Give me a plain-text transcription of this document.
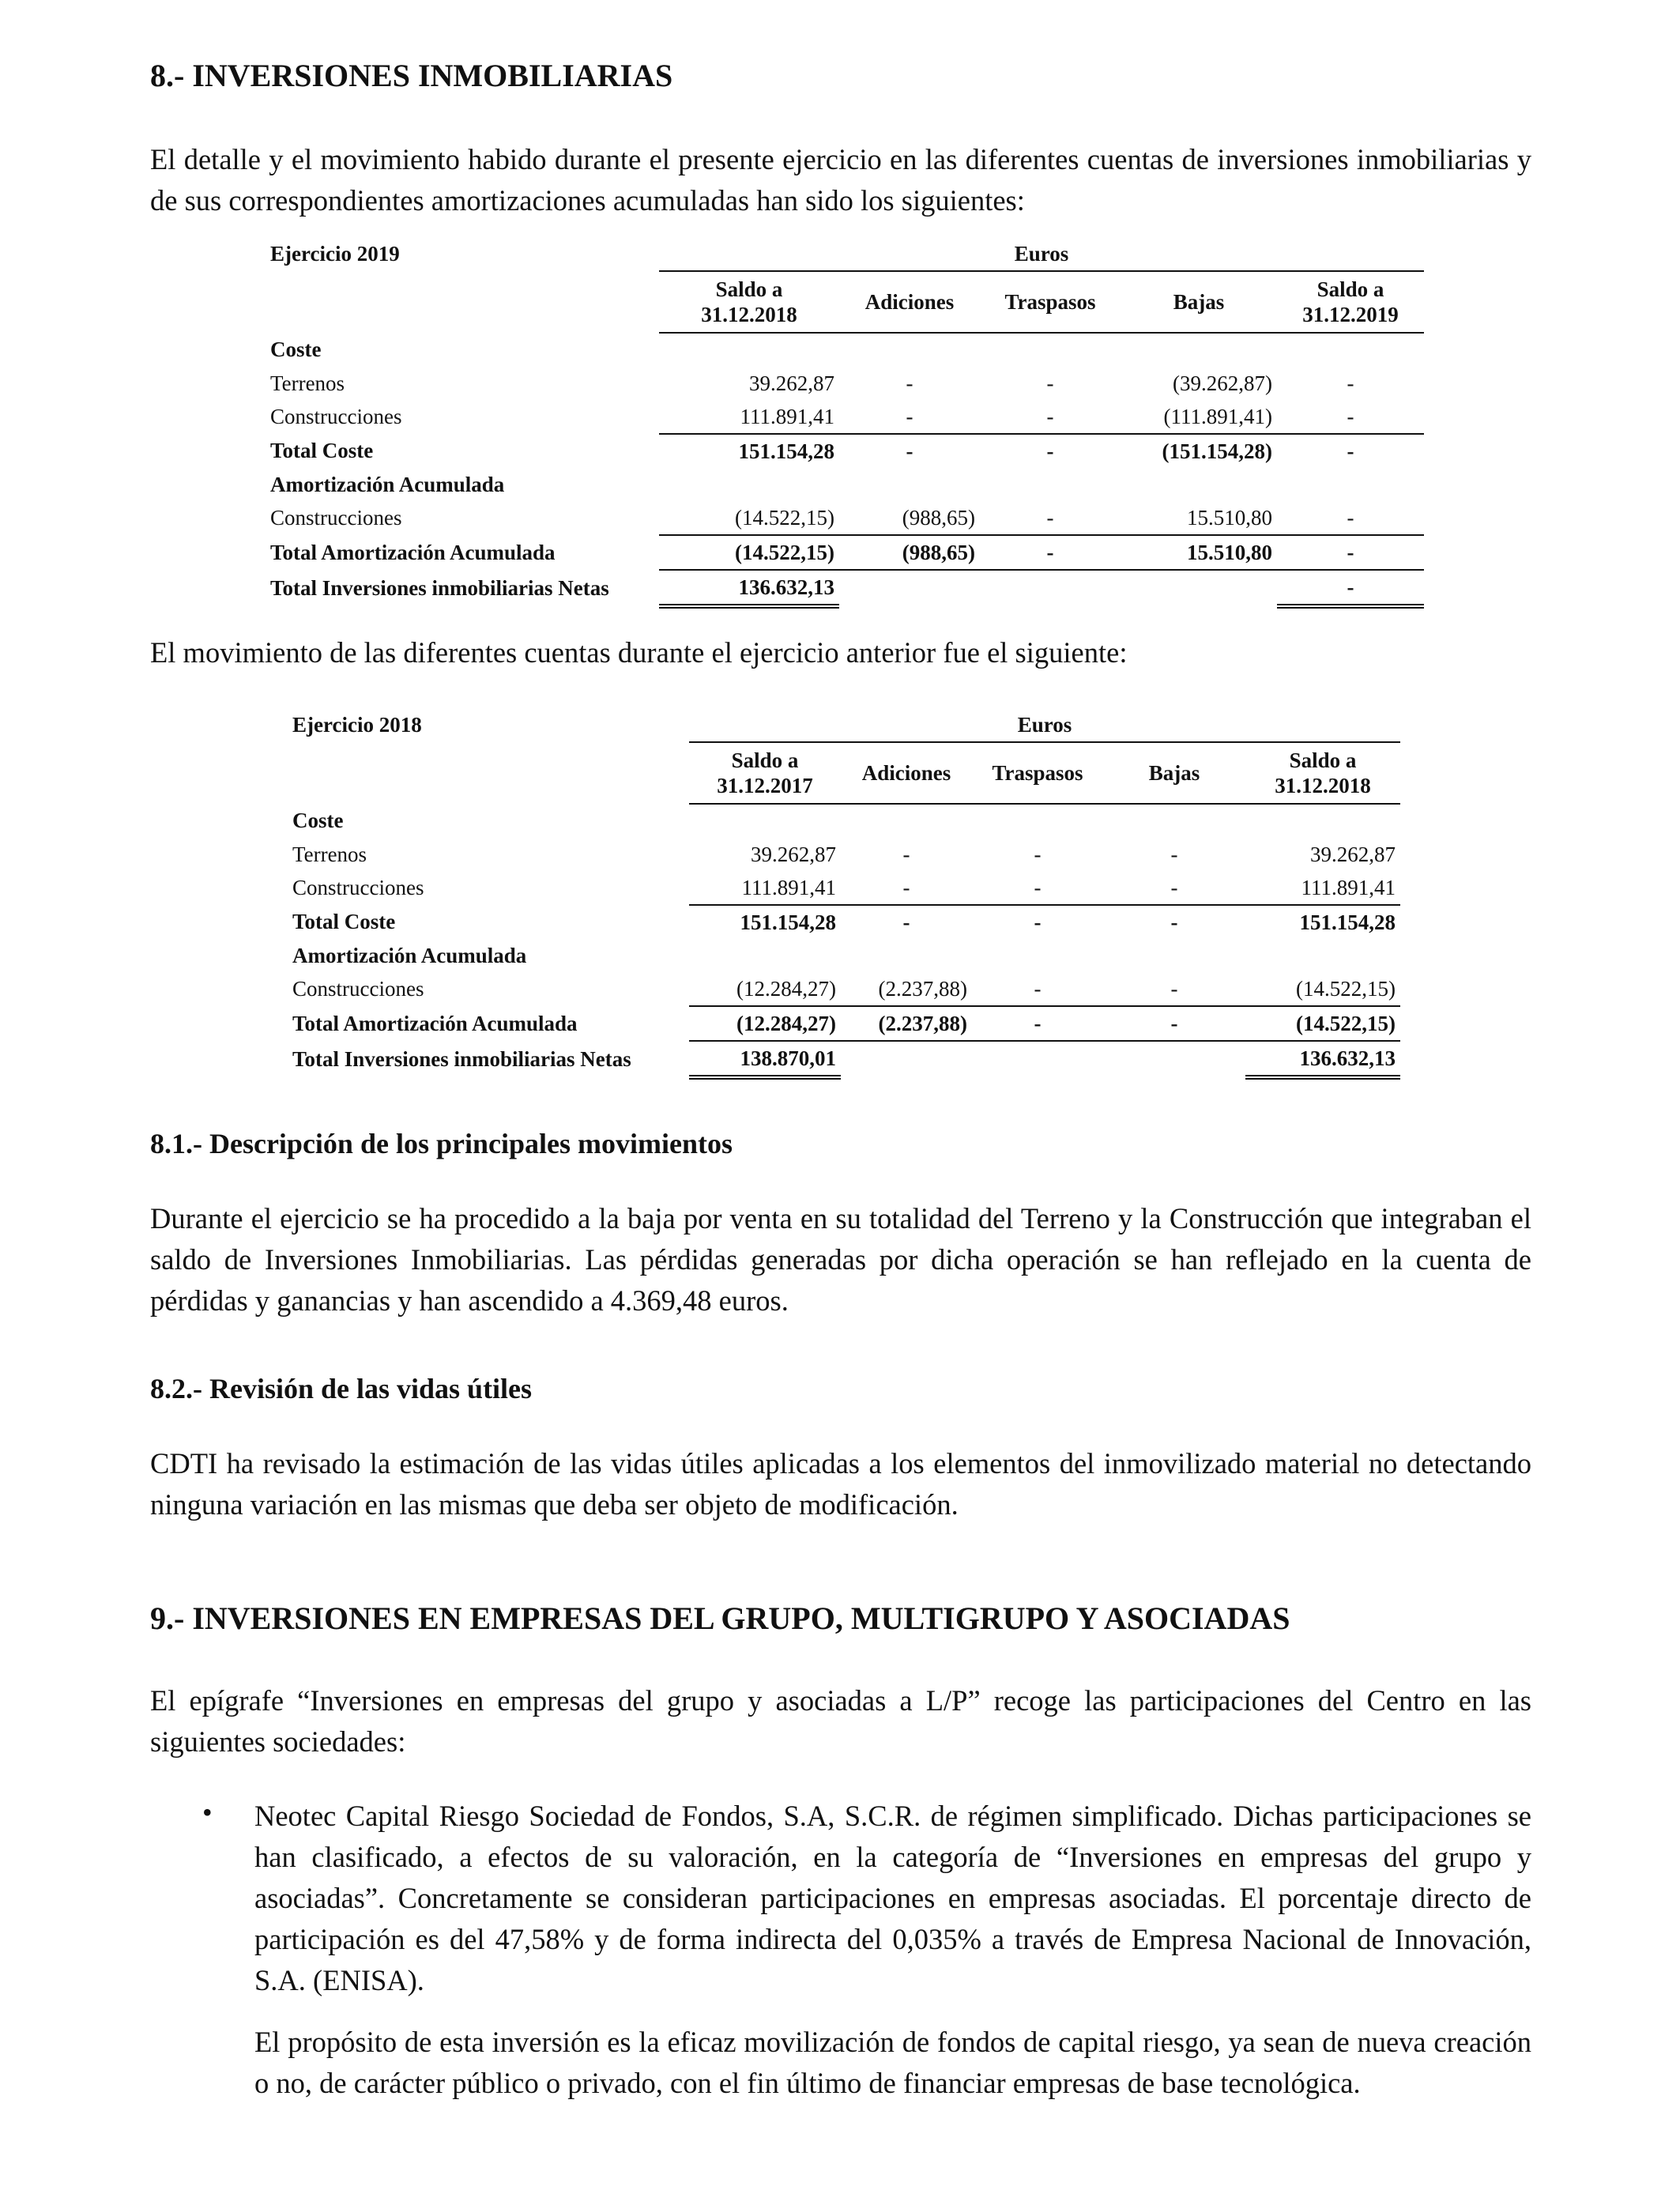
8.- INVERSIONES INMOBILIARIAS
El detalle y el movimiento habido durante el presente ejercicio en las diferentes cuentas de inversiones inmobiliarias y de sus correspondientes amortizaciones acumuladas han sido los siguientes:
Ejercicio 2019	Euros				
	Saldo a
31.12.2018	Adiciones	Traspasos	Bajas	Saldo a
31.12.2019
Coste					
Terrenos	39.262,87	-	-	(39.262,87)	-
Construcciones	111.891,41	-	-	(111.891,41)	-
Total Coste	151.154,28	-	-	(151.154,28)	-
Amortización Acumulada					
Construcciones	(14.522,15)	(988,65)	-	15.510,80	-
Total Amortización Acumulada	(14.522,15)	(988,65)	-	15.510,80	-
Total Inversiones inmobiliarias Netas	136.632,13				-
El movimiento de las diferentes cuentas durante el ejercicio anterior fue el siguiente:
Ejercicio 2018	Euros				
	Saldo a
31.12.2017	Adiciones	Traspasos	Bajas	Saldo a
31.12.2018
Coste					
Terrenos	39.262,87	-	-	-	39.262,87
Construcciones	111.891,41	-	-	-	111.891,41
Total Coste	151.154,28	-	-	-	151.154,28
Amortización Acumulada					
Construcciones	(12.284,27)	(2.237,88)	-	-	(14.522,15)
Total Amortización Acumulada	(12.284,27)	(2.237,88)	-	-	(14.522,15)
Total Inversiones inmobiliarias Netas	138.870,01				136.632,13
8.1.- Descripción de los principales movimientos
Durante el ejercicio se ha procedido a la baja por venta en su totalidad del Terreno y la Construcción que integraban el saldo de Inversiones Inmobiliarias. Las pérdidas generadas por dicha operación se han reflejado en la cuenta de pérdidas y ganancias y han ascendido a 4.369,48 euros.
8.2.- Revisión de las vidas útiles
CDTI ha revisado la estimación de las vidas útiles aplicadas a los elementos del inmovilizado material no detectando ninguna variación en las mismas que deba ser objeto de modificación.
9.- INVERSIONES EN EMPRESAS DEL GRUPO, MULTIGRUPO Y ASOCIADAS
El epígrafe “Inversiones en empresas del grupo y asociadas a L/P” recoge las participaciones del Centro en las siguientes sociedades:
• Neotec Capital Riesgo Sociedad de Fondos, S.A, S.C.R. de régimen simplificado. Dichas participaciones se han clasificado, a efectos de su valoración, en la categoría de “Inversiones en empresas del grupo y asociadas”. Concretamente se consideran participaciones en empresas asociadas. El porcentaje directo de participación es del 47,58% y de forma indirecta del 0,035% a través de Empresa Nacional de Innovación, S.A. (ENISA).
El propósito de esta inversión es la eficaz movilización de fondos de capital riesgo, ya sean de nueva creación o no, de carácter público o privado, con el fin último de financiar empresas de base tecnológica.
